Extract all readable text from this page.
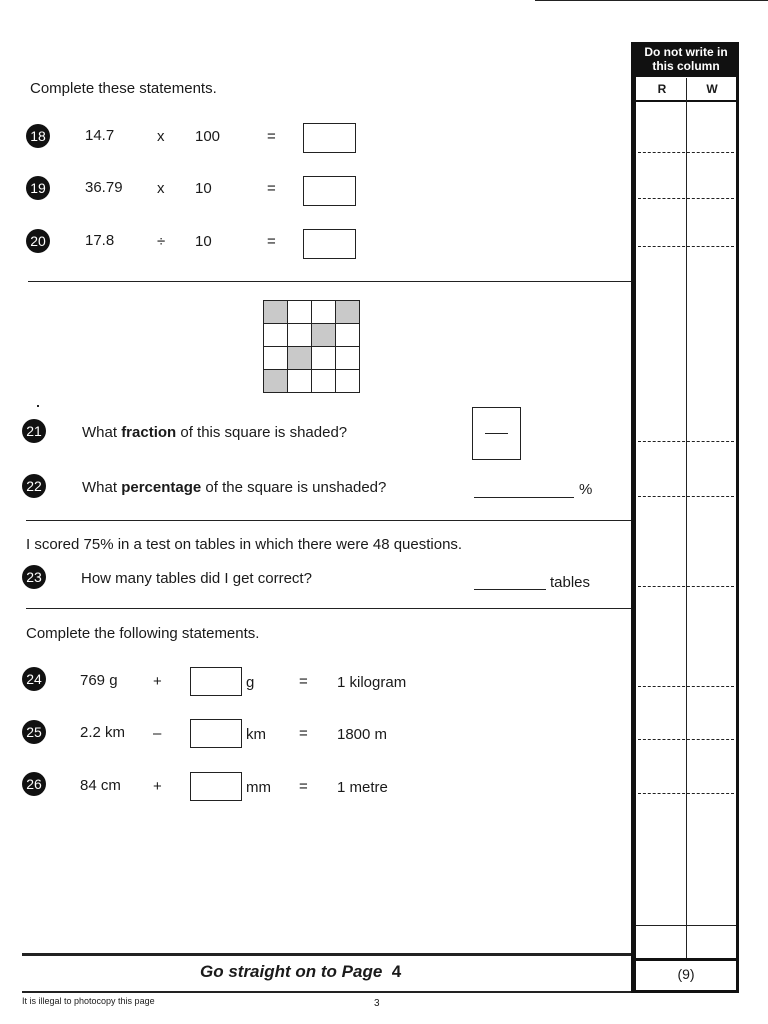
Complete these statements.
18	14.7	x 100	=
19	36.79 x 10	=
20	17.8	÷ 10	=
21	What fraction of this square is shaded?
22	What percentage of the square is unshaded?	%
I scored 75% in a test on tables in which there were 48 questions.
23	How many tables did I get correct?	tables
Complete the following statements.
24	769 g +	g	= 1 kilogram
25	2.2 km –	km = 1800 m
26	84 cm +	mm = 1 metre
Go straight on to Page 4
It is illegal to photocopy this page	3
Do not write in this column
R	W
(9)
